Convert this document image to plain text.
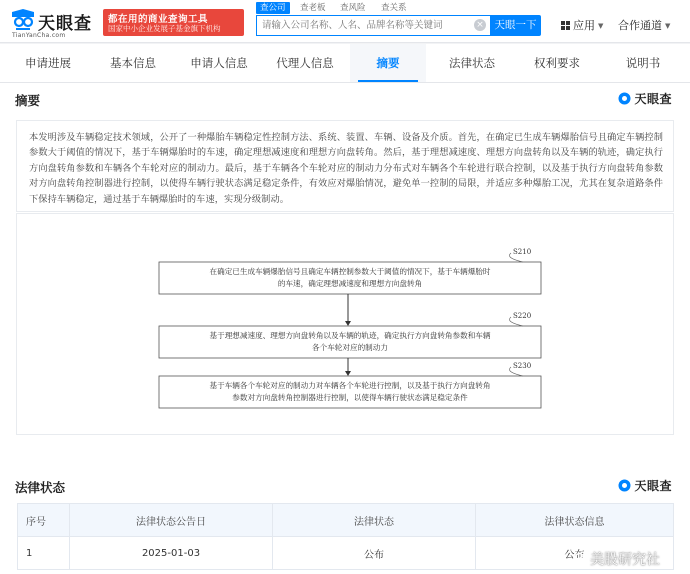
天眼查
TianYanCha.com
都在用的商业查询工具
国家中小企业发展子基金旗下机构
查公司	查老板	查风险	查关系
请输入公司名称、人名、品牌名称等关键词
×	天眼一下	应用 ▼ 合作通道 ▼
申请进展	基本信息	申请人信息	代理人信息	摘要	法律状态	权利要求	说明书
摘要	天眼查
本发明涉及车辆稳定技术领域，公开了一种爆胎车辆稳定性控制方法、系统、装置、车辆、设备及介质。首先，在确定已生成车辆爆胎信号且确定车辆控制参数大于阈值的情况下，基于车辆爆胎时的车速，确定理想减速度和理想方向盘转角。然后，基于理想减速度、理想方向盘转角以及车辆的轨迹，确定执行方向盘转角参数和车辆各个车轮对应的制动力。最后，基于车辆各个车轮对应的制动力分布式对车辆各个车轮进行联合控制，以及基于执行方向盘转角参数对方向盘转角控制器进行控制，以使得车辆行驶状态满足稳定条件，有效应对爆胎情况，避免单一控制的局限，并适应多种爆胎工况，尤其在复杂道路条件下保持车辆稳定，通过基于车辆爆胎时的车速，实现分级制动。
在确定已生成车辆爆胎信号且确定车辆控制参数大于阈值的情况下，基于车辆爆胎时
的车速，确定理想减速度和理想方向盘转角
S210
基于理想减速度、理想方向盘转角以及车辆的轨迹，确定执行方向盘转角参数和车辆
各个车轮对应的制动力
S220
基于车辆各个车轮对应的制动力对车辆各个车轮进行控制，以及基于执行方向盘转角
参数对方向盘转角控制器进行控制，以使得车辆行驶状态满足稳定条件
S230
法律状态	天眼查
序号	法律状态公告日	法律状态	法律状态信息
1	2025-01-03	公布	公布 美股研究社
